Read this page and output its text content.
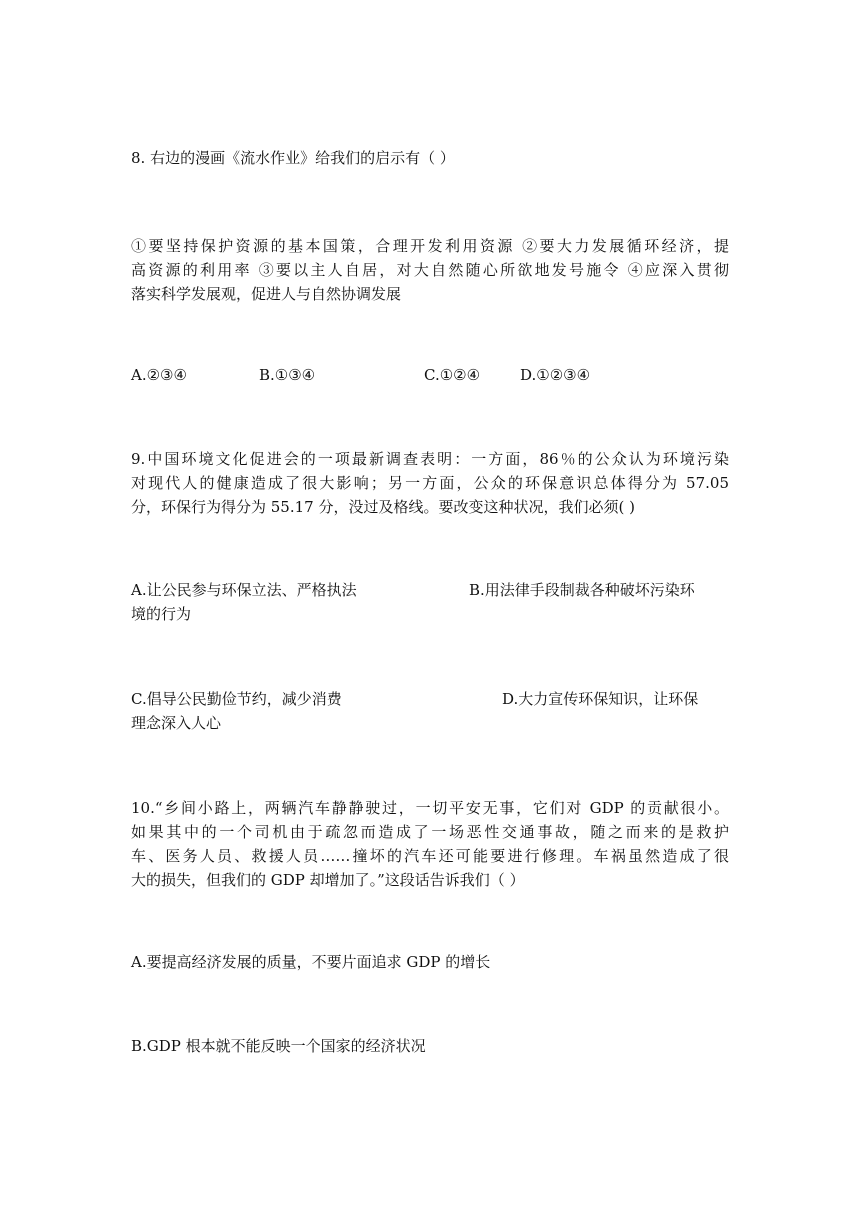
8. 右边的漫画《流水作业》给我们的启示有（ ）
①要坚持保护资源的基本国策，合理开发利用资源 ②要大力发展循环经济，提
高资源的利用率 ③要以主人自居，对大自然随心所欲地发号施令 ④应深入贯彻
落实科学发展观，促进人与自然协调发展
A.②③④	B.①③④	C.①②④	D.①②③④
9.中国环境文化促进会的一项最新调查表明：一方面，86％的公众认为环境污染
对现代人的健康造成了很大影响；另一方面，公众的环保意识总体得分为 57.05
分，环保行为得分为 55.17 分，没过及格线。要改变这种状况，我们必须( )
A.让公民参与环保立法、严格执法	B.用法律手段制裁各种破坏污染环
境的行为
C.倡导公民勤俭节约，减少消费	D.大力宣传环保知识，让环保
理念深入人心
10.“乡间小路上，两辆汽车静静驶过，一切平安无事，它们对 GDP 的贡献很小。
如果其中的一个司机由于疏忽而造成了一场恶性交通事故，随之而来的是救护
车、医务人员、救援人员……撞坏的汽车还可能要进行修理。车祸虽然造成了很
大的损失，但我们的 GDP 却增加了。”这段话告诉我们（ ）
A.要提高经济发展的质量，不要片面追求 GDP 的增长
B.GDP 根本就不能反映一个国家的经济状况
